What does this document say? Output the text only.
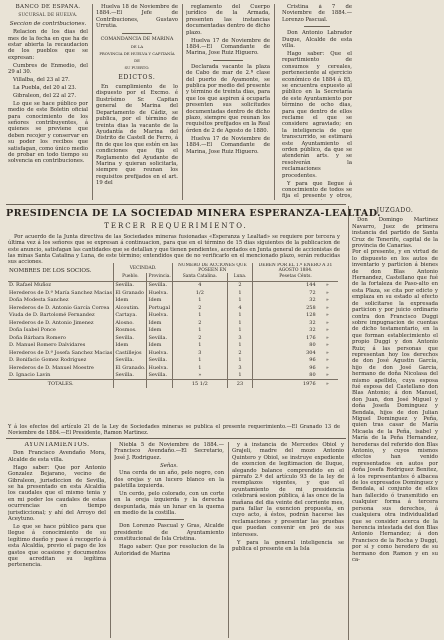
BANCO DE ESPAÑA.
SUCURSAL DE HUELVA.
Seccion de contribuciones.

Relacion de los dias del mes de la fecha en que ha de estar abierta la recaudacion de los pueblos que se expresan:

Cumbres de Enmedio, del 29 al 30.

Villalba, del 23 al 27.

La Puebla, del 20 al 23.

Gibraleon, del 22 al 27.

Lo que se hace público por medio de este Boletin oficial para conocimiento de los señores contribuyentes, á quienes se previene que deben recojer y conservar en su poder los recibos que satisfagan, como único medio de probar en todo tiempo su solvencia en contribuciones.

Huelva 18 de Noviembre de 1884.—El Jefe de Contribuciones, Gustavo Urrutia.

COMANDANCIA DE MARINA
DE LA
PROVINCIA DE HUELVA Y CAPITANÍA DE
SU PUERTO.
EDICTOS.

En cumplimiento de lo dispuesto por el Excmo. é Ilustrísimo Sr. Capitan general de Marina del Departamento de Cádiz, se publica, por el término de treinta dias la vacante de la Ayudantía de Marina del Distrito de Castell de Ferro, á fin de que los que estén en las condiciones que fija el Reglamento del Ayudante de Marina y quieran solicitarla, siempre que reunan los requisitos prefijados en el art. 19 del

reglamento del Cuerpo jurídico de la Armada, presenten las instancias documentadas dentro de dicho plazo.

Huelva 17 de Noviembre de 1884.—El Comandante de Marina, Jose Ruiz Higuero.

Declarada vacante la plaza de Cabo de mar de 2.ª clase del puerto de Ayamonte, se publica por medio del presente y término de treinta dias, para que los que aspiren á ocuparla presenten sus solicitudes documentadas dentro de dicho plazo, siempre que reunan los requisitos prefijados en la Real órden de 2 de Agosto de 1880.

Huelva 17 de Noviembre de 1884.—El Comandante de Marina, Jose Ruiz Higuero.

Cristina á 7 de Noviembre de 1884.—Lorenzo Pascual.

Don Antonio Labrador Duque, Alcalde de esta villa.

Hago saber: Que el repartimiento de consumos y cereales, perteneciente al ejercicio económico de 1884 á 85, se encuentra expuesto al público en la Secretaría de este Ayuntamiento por término de ocho dias, para que dentro de ellos reclame el que se considere agraviado; en la inteligencia de que transcurrido, se estimará este Ayuntamiento el orden público, da que se atenderán arts. y se resolverán la reclamaciones procedentes.

Y para que llegue á conocimiento de todos se fija el presente y otros,

PRESIDENCIA DE LA SOCIEDAD MINERA ESPERANZA-LEALTAD.
TERCER REQUERIMIENTO.
Por acuerdo de la Junta directiva de las Sociedades mineras fusionadas «Esperanza y Lealtad» se requiere por tercera y última vez á los señores que se expresan á continuacion, para que en el término de 15 dias siguientes de la publicacion de este anuncio, satisfagan las cantidades que se detallan y que tienen pendientes, acordados en Junta general de accionistas de las minas Santa Catalina y Luna, de este término; entendidos que de no verificarlo en el mencionado plazo, serán reducidas sus acciones.
NOMBRES DE LOS SOCIOS.	VECINDAD.		NÚMERO DE ACCIONES QUE POSEEN EN		DEBEN POR EL 1.º ENERO Á 31 AGOSTO 1884.	
	Pueblo.	Provincia.	Santa Catalina.	Luna.	Pesetas Cénts.	
D. Rafael Muñoz	Sevilla.	Sevilla.	4	2	144	»
Herederos de D.ª María Sanchez Macias	El Granado	Huelva.	1/2	1	72	»
Doña Modesta Sanchez	Idem	Idem	1	1	32	»
Herederos de D. Antonio García Correa	Alcoutim.	Portugal	2	4	258	»
Viuda de D. Bartolomé Fernandez	Cartaya.	Huelva.	1	1	128	»
Herederos de D. Antonio Jimenez	Alosno.	Idem	2	1	32	»
Doña Isabel Ponce	Rosmos.	Idem	1	1	32	»
Doña Bárbara Romero	Sevilla.	Sevilla.	2	3	176	»
D. Manuel Romero Dalvidares	Idem	Idem	1	1	80	»
Herederos de D.ª Josefa Sanchez Macias	Castillejos	Huelva.	3	2	304	»
D. Bonifacio Gomez Rodriguez	Sevilla.	Sevilla.	1	1	96	»
Herederos de D. Manuel Moestre	El Granado.	Huelva.	1	3	96	»
D. Ignacio Lavin	Sevilla.	Sevilla.	»	1	80	»
TOTALES.			15 1/2	23	1976	»
Y á los efectos del artículo 21 de la Ley de Sociedades mineras se publica el presente requerimiento.—El Granado 13 de Noviembre de 1884.—El Presidente, Ramon Martinez.
JUZGADO.

Don Domingo Martinez Navarro, Juez de primera instancia del partido de Santa Cruz de Tenerife, capital de la provincia de Canarias.
Por el presente, y en virtud de lo dispuesto en los autos de inventario y particion á bienes de don Blas Antonio Hernandez, Castellano que fué de la fortaleza de Paso-alto en esta Plaza, se cita por edicto y emplaza en su estado al efecto de solicitarse la expresada particion y por juicio ordinario contra don Francisco Duggi sobre impugnacion de cuentas de dicho testamentario, en la que forman establecimiento el propio Duggi y don Antonio Ruiz; á las personas que representan hoy los derechos de don José Agustin García, hijo de don José Garcia, hermano de doña Nicolasa del mismo apellido, cuya esposa fué esposa del Castellano don Blas Antonio; á don Manuel, don Juan, don José Miguel y doña Josefa Dominguez y Bendala, hijos de don Julian Miguel Dominguez y Peña, quien tras casar de María Micaela de la Peña, isabel y María de la Peña Hernandez, herederas del referido don Blas Antonio, y cuyos mismos efectos han venido representados en autos por doña Josefa Rodriguez Benitez, á los representantes ó albacea de los expresados Dominguez y Bendala, al conjunto de ellos han fallecido ó transmitido en cualquier forma á tercera persona sus derechos, á cualquiera otra individualidad que se consider acerca de la herencia intestada del don Blas Antonio Hernandez; á don Francisco de la Rocha y Duggi, por sí y como heredero de su hermano don Ramon y en su ca-

AYUNTAMIENTOS.

Don Francisco Avendaño Mora, Alcalde de esta villa.

Hago saber: Que por Antonio Gonzalez Bejarano, vecino de Gibraleon, jurisdiccion de Sevilla, se ha presentado en esta Alcaldía los caudales que el mismo tenia y en mi poder los caudales de estas ocurrencias en tiempo jurisdiccional; y ahí del Arroyo del Aceytuno.

Lo que se hace público para que llegue á conocimiento de su legítimo dueño y pase á recogerlo á esta Alcaldía, previo el pago de los gastos que ocasione y documentos que acreditan su legítima pertenencia.

Niebla 5 de Noviembre de 1884.—Francisco Avendaño.—El Secretario, José J. Rodriguez.

Señas.

Una cerda de un año, pelo negro, con dos orejas y un lucero blanco en la paletilla izquierda.

Un cerdo, pelo colorado, con un corte en la oreja izquierda y la derecha despuntada, más un lunar en la quema en medio de la costilla.

Don Lorenzo Pascual y Gras, Alcalde presidente de Ayuntamiento constitucional de Isla Cristina.

Hago saber: Que por resolucion de la Autoridad de Marina

y á instancia de Mercedes Obiol y Grajeli, madre del mozo Antonio Quintero y Obiol, se instruye expediente de exencion de legitimacion de lluque, alegando balance comprendido en el párrafo 2.º del artículo 93 de la ley de reemplazos vigentes, y que el ayuntamiento de mi presidencia celebrará sesion pública, á las once de la mañana del dia veinte del corriente mes, para fallar la exencion propuesta, en cuyo acto, á éstos, podrán hacerse las reclamaciones y presentar las pruebas que puedan convenir en pró de sus intereses.

Y para la general inteligencia se publica el presente en la Isla
